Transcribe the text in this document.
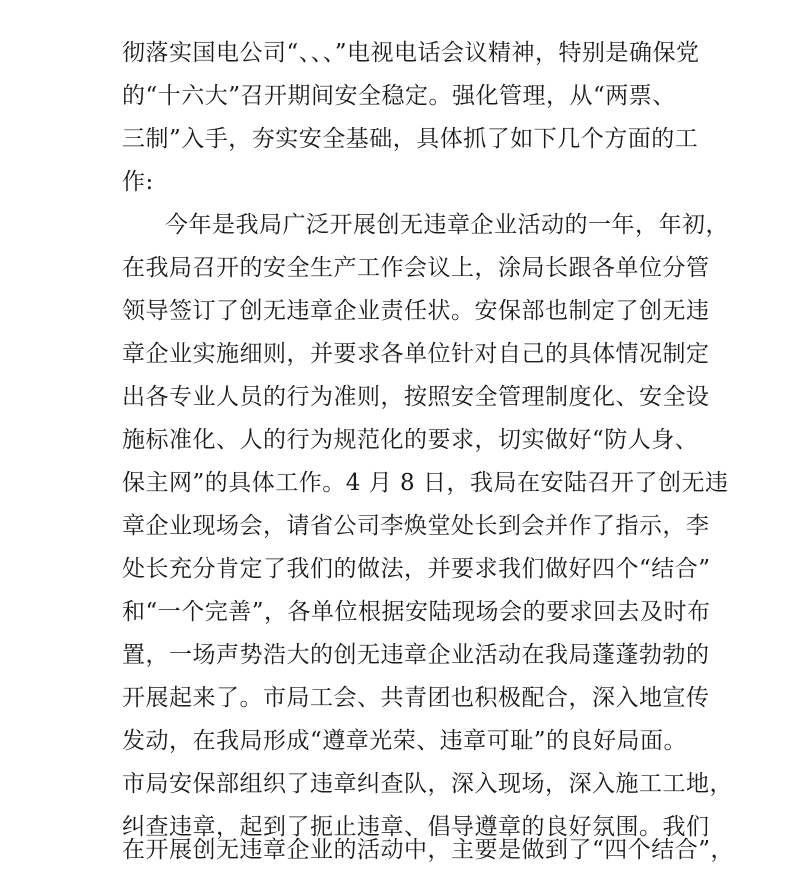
彻落实国电公司“、、、”电视电话会议精神，特别是确保党
的“十六大”召开期间安全稳定。强化管理，从“两票、
三制”入手，夯实安全基础，具体抓了如下几个方面的工
作:
今年是我局广泛开展创无违章企业活动的一年，年初，
在我局召开的安全生产工作会议上，涂局长跟各单位分管
领导签订了创无违章企业责任状。安保部也制定了创无违
章企业实施细则，并要求各单位针对自己的具体情况制定
出各专业人员的行为准则，按照安全管理制度化、安全设
施标准化、人的行为规范化的要求，切实做好“防人身、
保主网”的具体工作。4 月 8 日，我局在安陆召开了创无违
章企业现场会，请省公司李焕堂处长到会并作了指示，李
处长充分肯定了我们的做法，并要求我们做好四个“结合”
和“一个完善”，各单位根据安陆现场会的要求回去及时布
置，一场声势浩大的创无违章企业活动在我局蓬蓬勃勃的
开展起来了。市局工会、共青团也积极配合，深入地宣传
发动，在我局形成“遵章光荣、违章可耻”的良好局面。
市局安保部组织了违章纠查队，深入现场，深入施工工地，
纠查违章，起到了扼止违章、倡导遵章的良好氛围。我们
在开展创无违章企业的活动中，主要是做到了“四个结合”，
